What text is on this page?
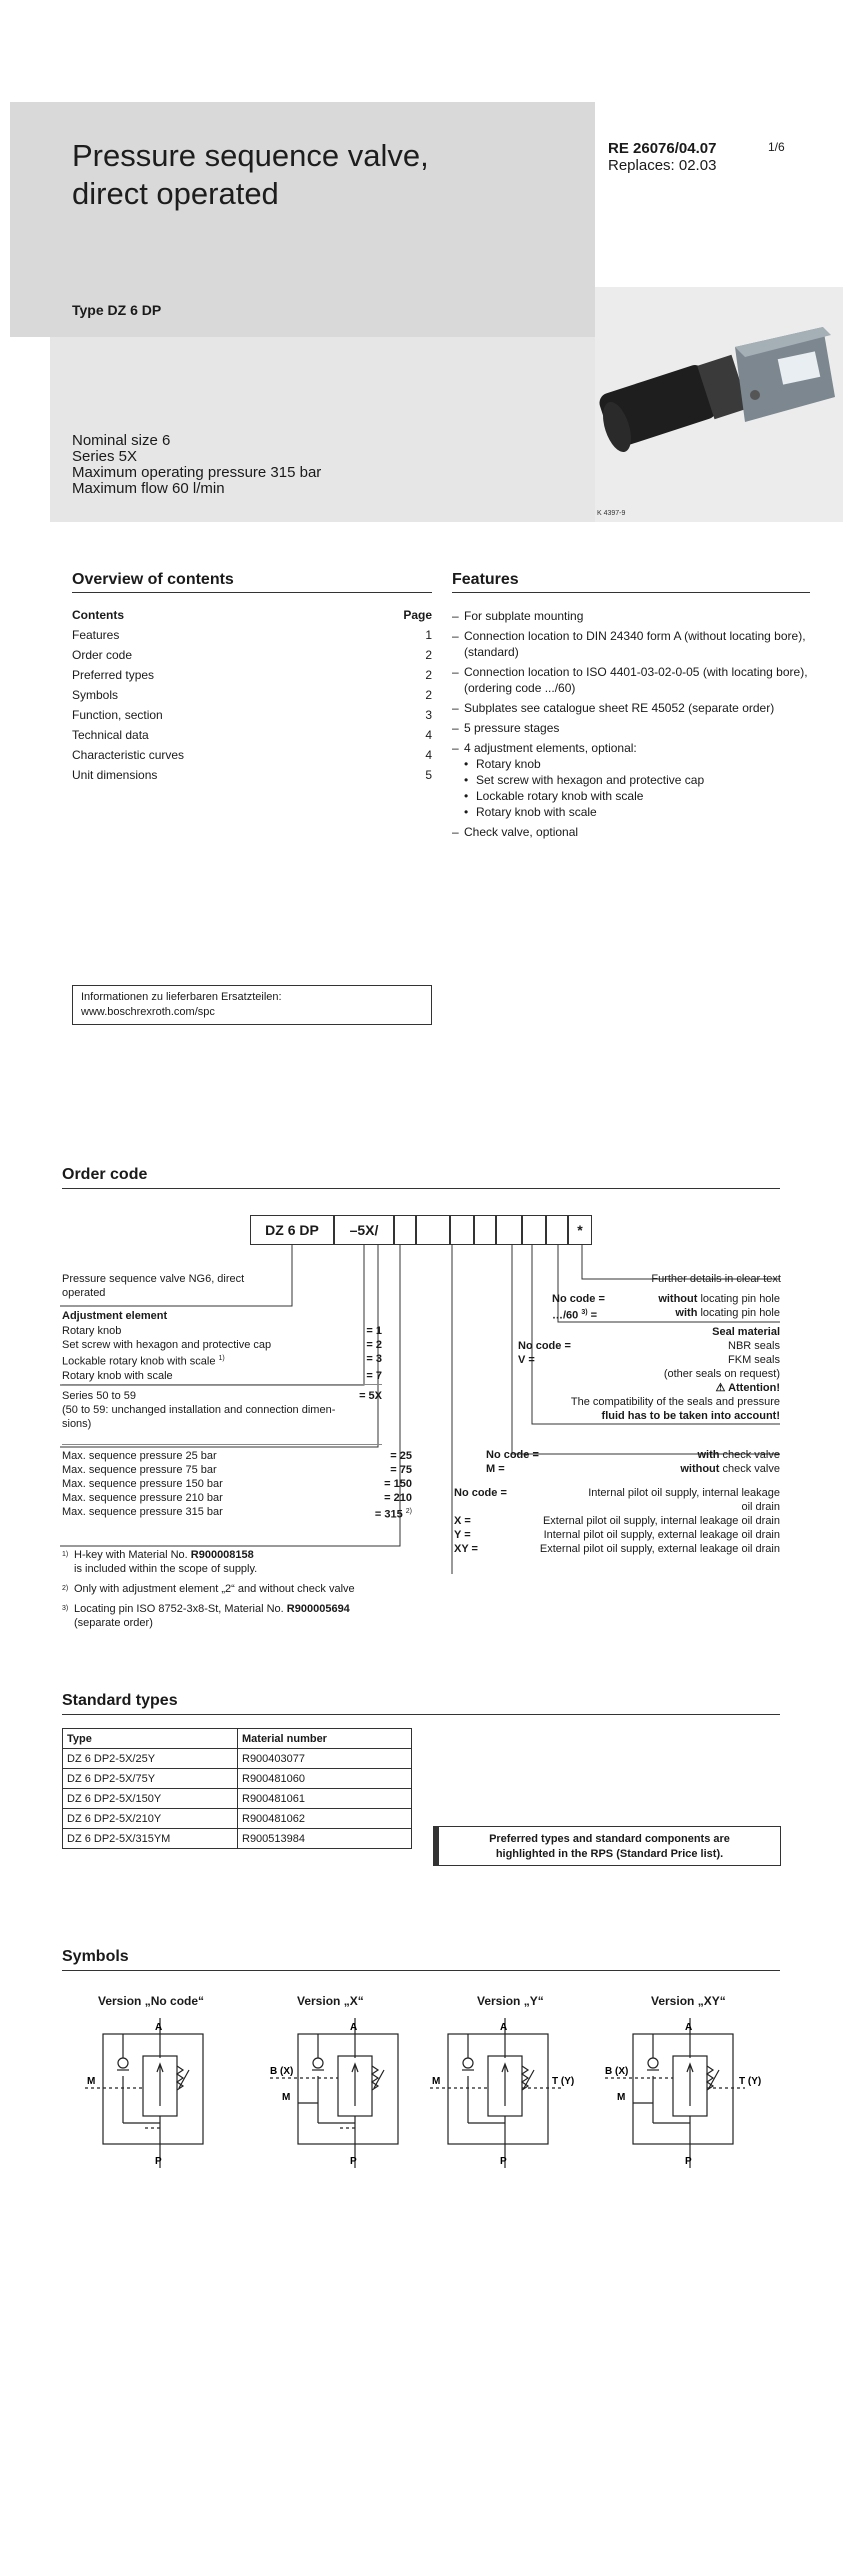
Pressure sequence valve,
direct operated
RE 26076/04.07
Replaces: 02.03
1/6
Type DZ 6 DP
Nominal size 6
Series 5X
Maximum operating pressure 315 bar
Maximum flow 60 l/min
K 4397-9
Overview of contents
Contents	Page
Features	1
Order code	2
Preferred types	2
Symbols	2
Function, section	3
Technical data	4
Characteristic curves	4
Unit dimensions	5
Features
– For subplate mounting
– Connection location to DIN 24340 form A (without locating bore), (standard)
– Connection location to ISO 4401-03-02-0-05 (with locating bore), (ordering code .../60)
– Subplates see catalogue sheet RE 45052 (separate order)
– 5 pressure stages
– 4 adjustment elements, optional:
• Rotary knob
• Set screw with hexagon and protective cap
• Lockable rotary knob with scale
• Rotary knob with scale
– Check valve, optional
Informationen zu lieferbaren Ersatzteilen:
www.boschrexroth.com/spc
Order code
DZ 6 DP	–5X/	*
Pressure sequence valve NG6, direct
operated
Adjustment element
Rotary knob	= 1
Set screw with hexagon and protective cap	= 2
Lockable rotary knob with scale $^{1)}$	= 3
Rotary knob with scale	= 7
Series 50 to 59	= 5X
(50 to 59: unchanged installation and connection dimen-
sions)
Max. sequence pressure 25 bar	= 25
Max. sequence pressure 75 bar	= 75
Max. sequence pressure 150 bar	= 150
Max. sequence pressure 210 bar	= 210
Max. sequence pressure 315 bar	= 315 $^{2)}$
1) H-key with Material No. R900008158
is included within the scope of supply.
2) Only with adjustment element „2“ and without check valve
3) Locating pin ISO 8752-3x8-St, Material No. R900005694
(separate order)
Further details in clear text
No code =	without locating pin hole
…/60 $^{3)}$ =	with locating pin hole
Seal material
No code =	NBR seals
V =	FKM seals
(other seals on request)
⚠ Attention!
The compatibility of the seals and pressure
fluid has to be taken into account!
No code =	with check valve
M =	without check valve
No code =	Internal pilot oil supply, internal leakage
oil drain
X =	External pilot oil supply, internal leakage oil drain
Y =	Internal pilot oil supply, external leakage oil drain
XY =	External pilot oil supply, external leakage oil drain
Standard types
Type	Material number
DZ 6 DP2-5X/25Y	R900403077
DZ 6 DP2-5X/75Y	R900481060
DZ 6 DP2-5X/150Y	R900481061
DZ 6 DP2-5X/210Y	R900481062
DZ 6 DP2-5X/315YM	R900513984	Preferred types and standard components are
highlighted in the RPS (Standard Price list).
Symbols
Version „No code“	Version „X“	Version „Y“	Version „XY“
A
P
M
A
P
B (X)
M
A
P
M	T (Y)
A
P
B (X)
M
T (Y)
